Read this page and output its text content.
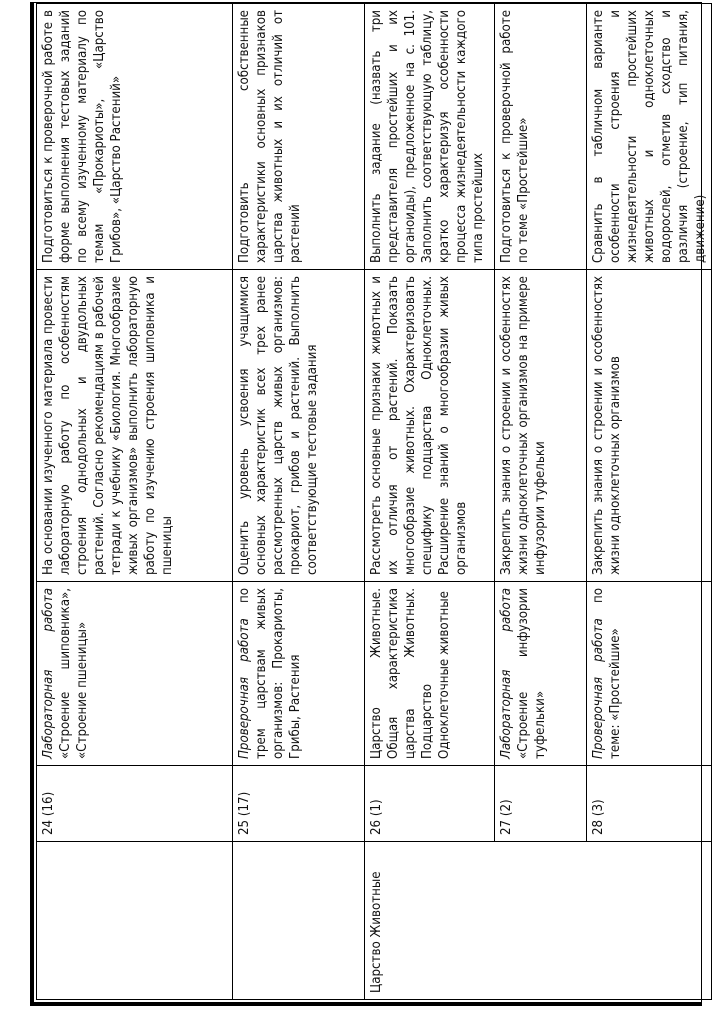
	24 (16)	Лабораторная работа «Строение шиповника», «Строение пшеницы»	На основании изученного материала провести лабораторную работу по особенностям строения однодольных и двудольных растений. Согласно рекомендациям в рабочей тетради к учебнику «Биология. Многообразие живых организмов» выполнить лабораторную работу по изучению строения шиповника и пшеницы	Подготовиться к проверочной работе в форме выполнения тестовых заданий по всему изученному материалу по темам «Прокариоты», «Царство Грибов», «Царство Растений»
	25 (17)	Проверочная работа по трем царствам живых организмов: Прокариоты, Грибы, Растения	Оценить уровень усвоения учащимися основных характеристик всех трех ранее рассмотренных царств живых организмов: прокариот, грибов и растений. Выполнить соответствующие тестовые задания	Подготовить собственные характеристики основных признаков царства животных и их отличий от растений
Царство Животные	26 (1)	Царство Животные. Общая характеристика царства Животных. Подцарство Одноклеточные животные	Рассмотреть основные признаки животных и их отличия от растений. Показать многообразие животных. Охарактеризовать специфику подцарства Одноклеточных. Расширение знаний о многообразии живых организмов	Выполнить задание (назвать три представителя простейших и их органоиды), предложенное на с. 101. Заполнить соответствующую таблицу, кратко характеризуя особенности процесса жизнедеятельности каждого типа простейших
	27 (2)	Лабораторная работа «Строение инфузории туфельки»	Закрепить знания о строении и особенностях жизни одноклеточных организмов на примере инфузории туфельки	Подготовиться к проверочной работе по теме «Простейшие»
	28 (3)	Проверочная работа по теме: «Простейшие»	Закрепить знания о строении и особенностях жизни одноклеточных организмов	Сравнить в табличном варианте особенности строения и жизнедеятельности простейших животных и одноклеточных водорослей, отметив сходство и различия (строение, тип питания, движение)
